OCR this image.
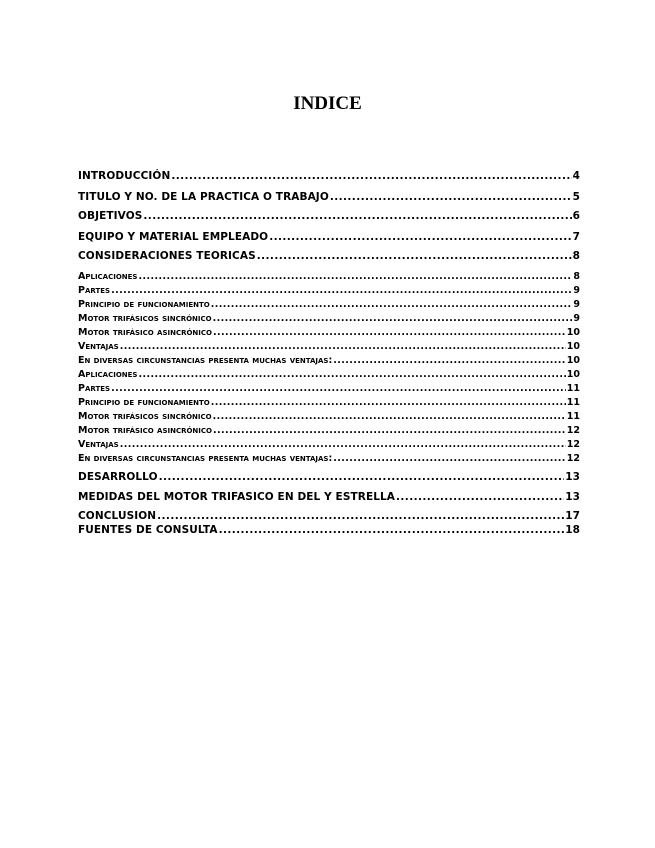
INDICE
INTRODUCCIÓN .....	4
TITULO Y NO. DE LA PRACTICA O TRABAJO .....	5
OBJETIVOS .....	6
EQUIPO Y MATERIAL EMPLEADO .....	7
CONSIDERACIONES TEORICAS .....	8
Aplicaciones .....	8
Partes .....	9
Principio de funcionamiento .....	9
Motor trifásicos sincrónico .....	9
Motor trifásico asincrónico .....	10
Ventajas .....	10
En diversas circunstancias presenta muchas ventajas: .....	10
Aplicaciones .....	10
Partes .....	11
Principio de funcionamiento .....	11
Motor trifásicos sincrónico .....	11
Motor trifásico asincrónico .....	12
Ventajas .....	12
En diversas circunstancias presenta muchas ventajas: .....	12
DESARROLLO .....	13
MEDIDAS DEL MOTOR TRIFASICO EN DEL Y ESTRELLA .....	13
CONCLUSION .....	17
FUENTES DE CONSULTA .....	18
